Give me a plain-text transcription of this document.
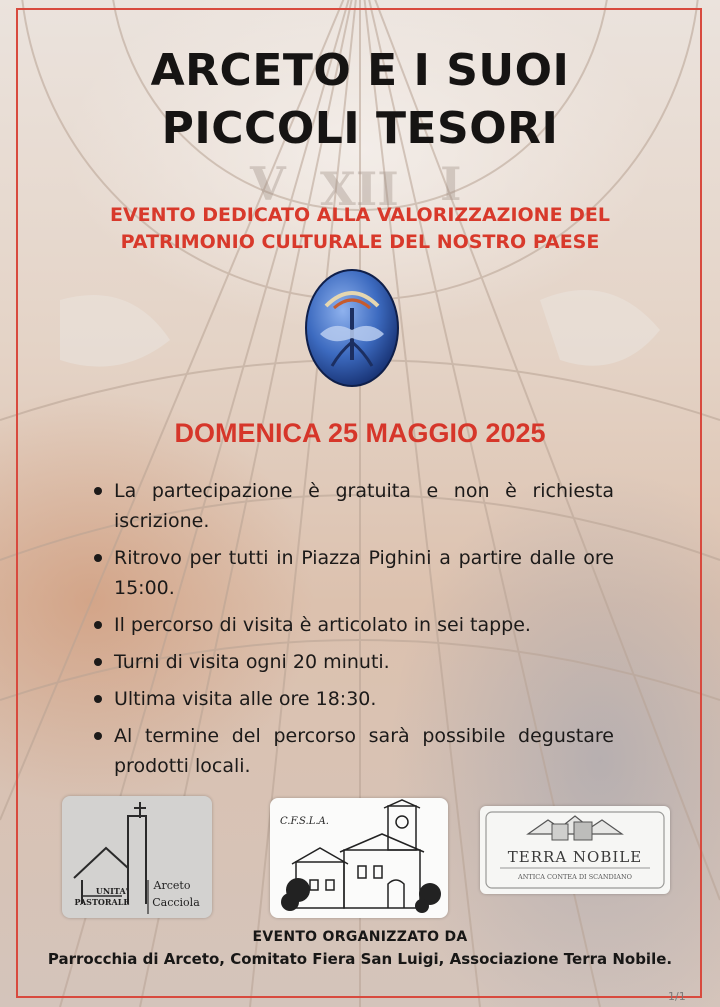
V XII I
ARCETO E I SUOI
PICCOLI TESORI
EVENTO DEDICATO ALLA VALORIZZAZIONE DEL
PATRIMONIO CULTURALE DEL NOSTRO PAESE
DOMENICA 25 MAGGIO 2025
La partecipazione è gratuita e non è richiesta iscrizione.
Ritrovo per tutti in Piazza Pighini a partire dalle ore 15:00.
Il percorso di visita è articolato in sei tappe.
Turni di visita ogni 20 minuti.
Ultima visita alle ore 18:30.
Al termine del percorso sarà possibile degustare prodotti locali.
UNITA'
PASTORALE
Arceto
Cacciola
C.F.S.L.A.
TERRA NOBILE
ANTICA CONTEA DI SCANDIANO
EVENTO ORGANIZZATO DA
Parrocchia di Arceto, Comitato Fiera San Luigi, Associazione Terra Nobile.
1/1
